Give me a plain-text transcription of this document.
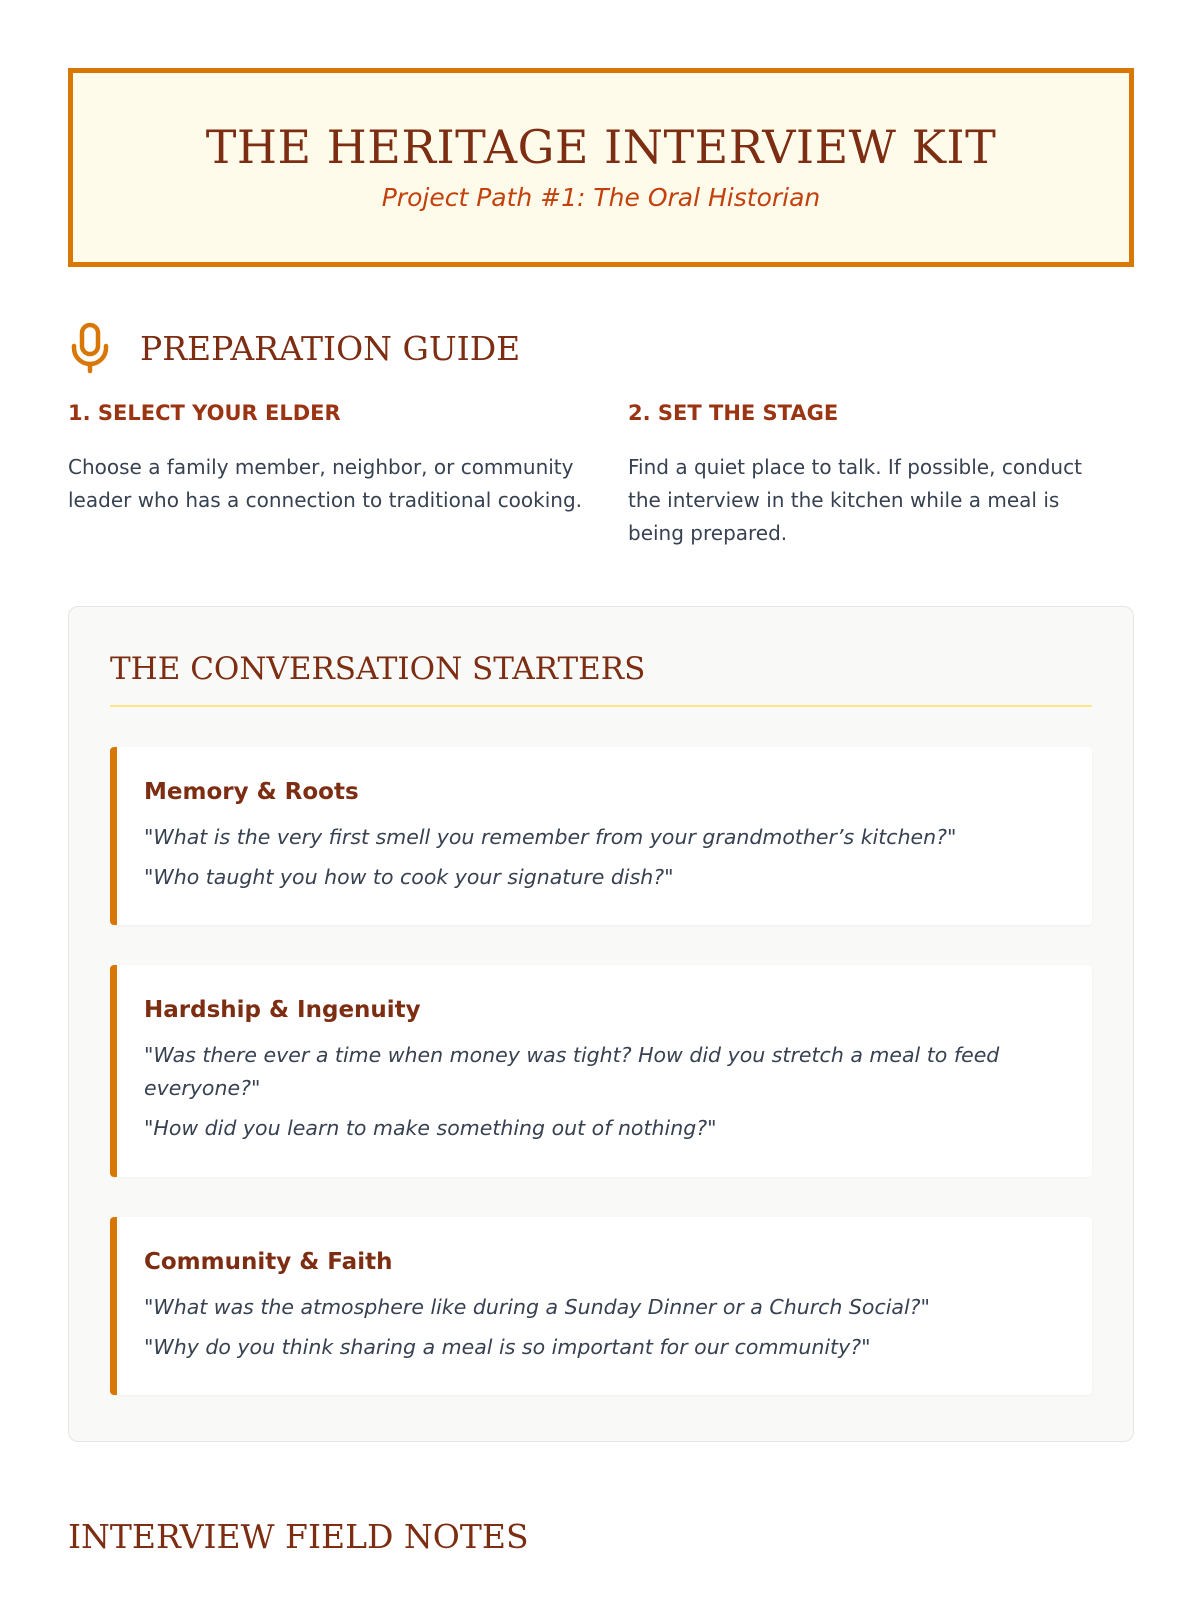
THE HERITAGE INTERVIEW KIT
Project Path #1: The Oral Historian
PREPARATION GUIDE
1. SELECT YOUR ELDER
Choose a family member, neighbor, or community leader who has a connection to traditional cooking.
2. SET THE STAGE
Find a quiet place to talk. If possible, conduct the interview in the kitchen while a meal is being prepared.
THE CONVERSATION STARTERS
Memory & Roots
"What is the very first smell you remember from your grandmother’s kitchen?"
"Who taught you how to cook your signature dish?"
Hardship & Ingenuity
"Was there ever a time when money was tight? How did you stretch a meal to feed everyone?"
"How did you learn to make something out of nothing?"
Community & Faith
"What was the atmosphere like during a Sunday Dinner or a Church Social?"
"Why do you think sharing a meal is so important for our community?"
INTERVIEW FIELD NOTES
